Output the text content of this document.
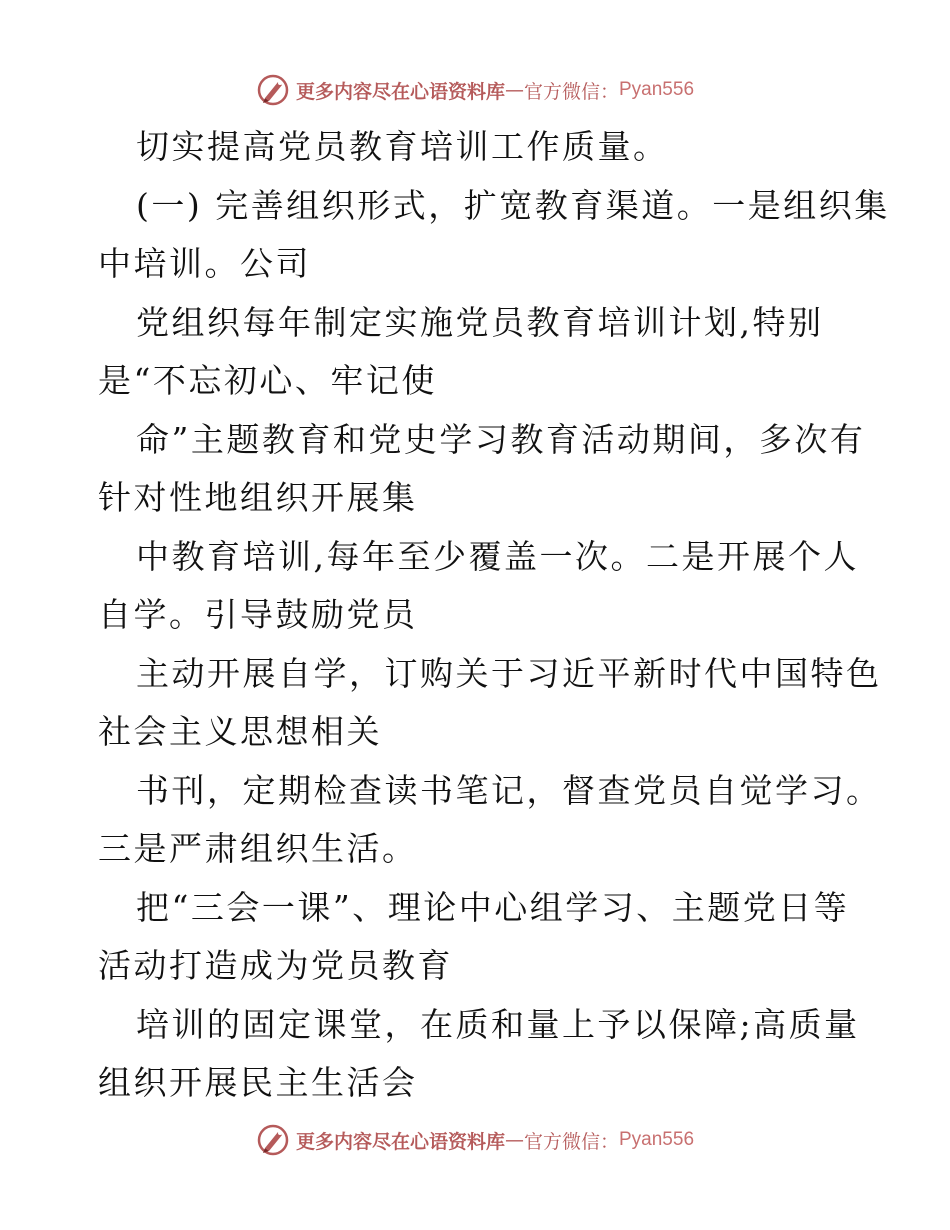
更多内容尽在心语资料库 — 官方微信： Pyan556
切实提高党员教育培训工作质量。
(一) 完善组织形式，扩宽教育渠道。一是组织集
中培训。公司
党组织每年制定实施党员教育培训计划,特别
是“不忘初心、牢记使
命”主题教育和党史学习教育活动期间，多次有
针对性地组织开展集
中教育培训,每年至少覆盖一次。二是开展个人
自学。引导鼓励党员
主动开展自学，订购关于习近平新时代中国特色
社会主义思想相关
书刊，定期检查读书笔记，督查党员自觉学习。
三是严肃组织生活。
把“三会一课”、理论中心组学习、主题党日等
活动打造成为党员教育
培训的固定课堂，在质和量上予以保障;高质量
组织开展民主生活会
更多内容尽在心语资料库 — 官方微信： Pyan556
